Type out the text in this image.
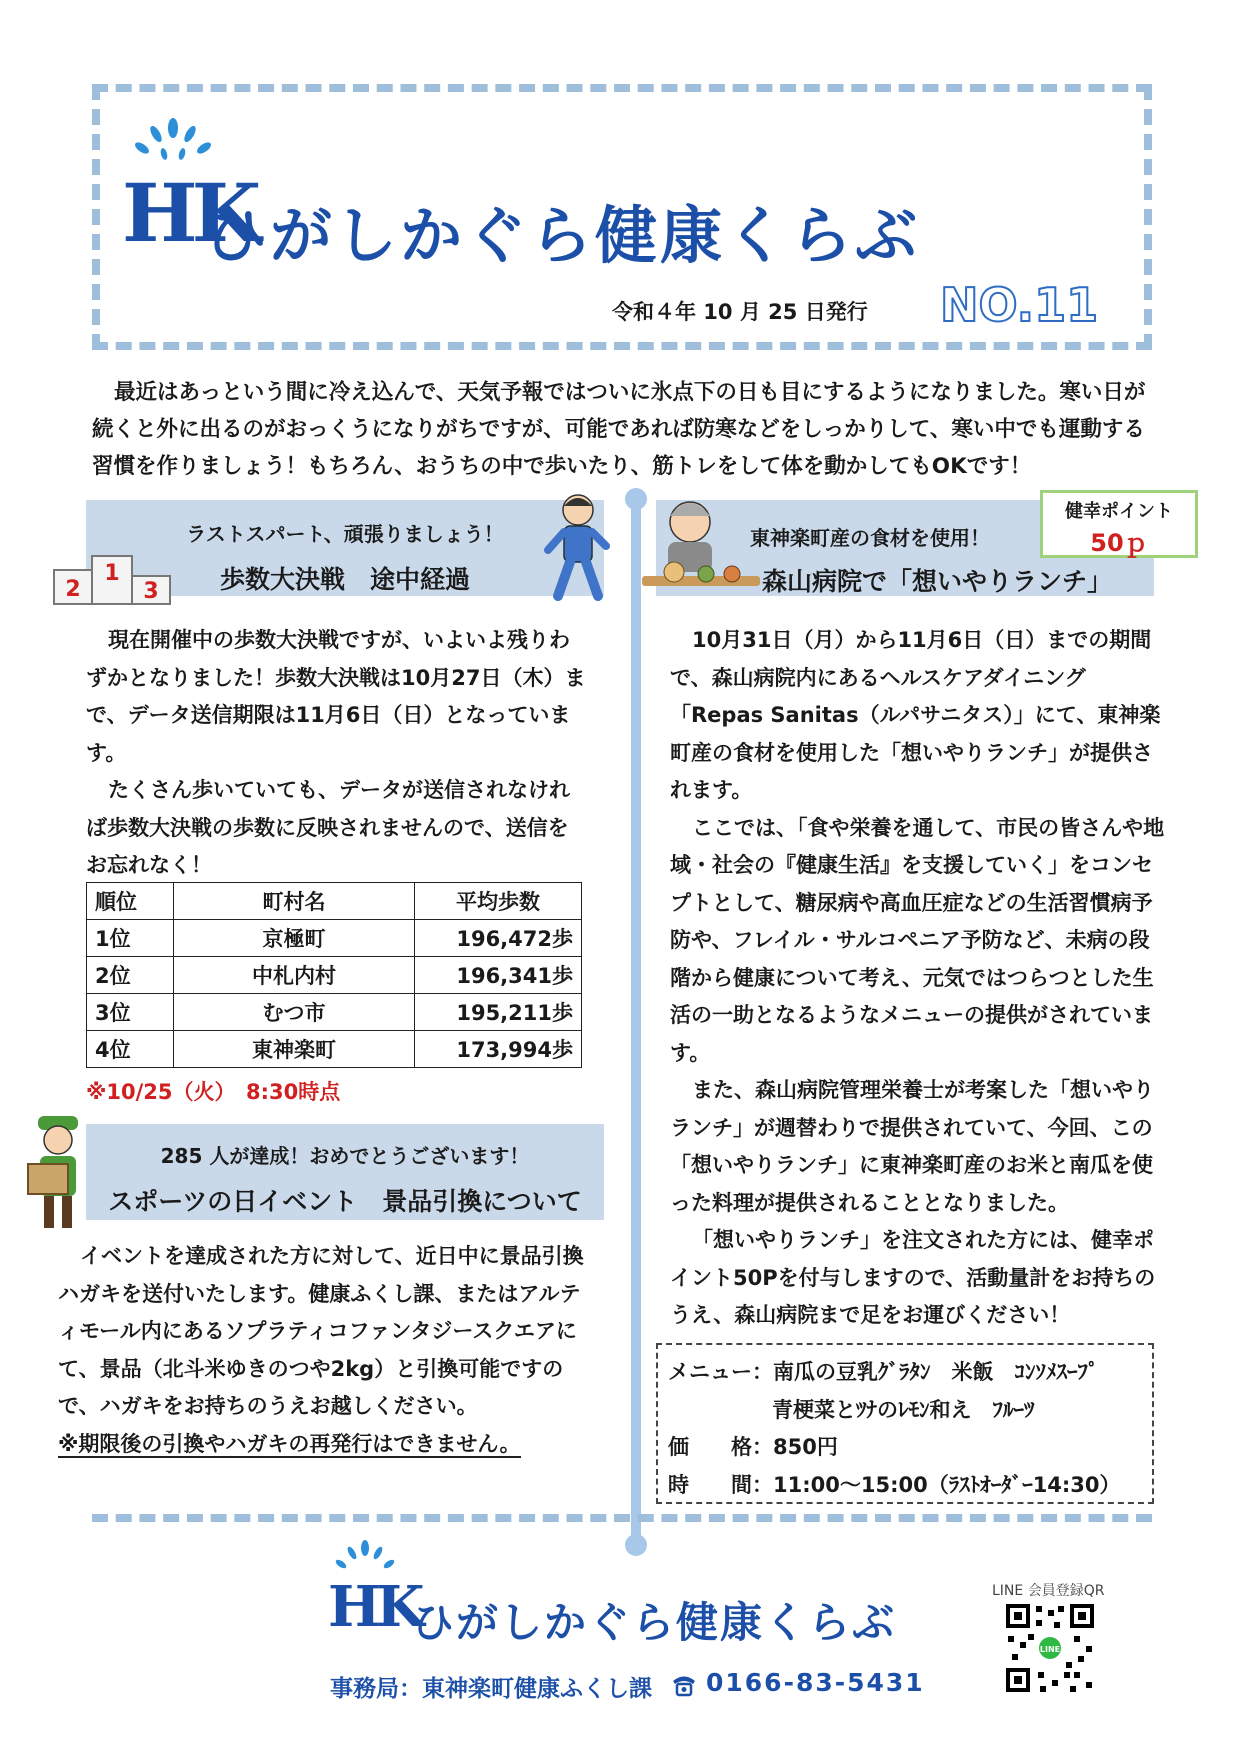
HK
ひがしかぐら健康くらぶ
令和４年 10 月 25 日発行 NO.11

最近はあっという間に冷え込んで、天気予報ではついに氷点下の日も目にするようになりました。寒い日が続くと外に出るのがおっくうになりがちですが、可能であれば防寒などをしっかりして、寒い中でも運動する習慣を作りましょう！もちろん、おうちの中で歩いたり、筋トレをして体を動かしてもOKです！

1
2	3
ラストスパート、頑張りましょう！
歩数大決戦　途中経過

現在開催中の歩数大決戦ですが、いよいよ残りわずかとなりました！歩数大決戦は10月27日（木）まで、データ送信期限は11月6日（日）となっています。

たくさん歩いていても、データが送信されなければ歩数大決戦の歩数に反映されませんので、送信をお忘れなく！

順位	町村名	平均歩数
1位	京極町	196,472歩
2位	中札内村	196,341歩
3位	むつ市	195,211歩
4位	東神楽町	173,994歩
※10/25（火）　8:30時点
285 人が達成！おめでとうございます！
スポーツの日イベント　景品引換について

イベントを達成された方に対して、近日中に景品引換ハガキを送付いたします。健康ふくし課、またはアルティモール内にあるソプラティコファンタジースクエアにて、景品（北斗米ゆきのつや2kg）と引換可能ですので、ハガキをお持ちのうえお越しください。

※期限後の引換やハガキの再発行はできません。
健幸ポイント
50ｐ
東神楽町産の食材を使用！
森山病院で「想いやりランチ」

10月31日（月）から11月6日（日）までの期間で、森山病院内にあるヘルスケアダイニング「Repas Sanitas（ルパサニタス）」にて、東神楽町産の食材を使用した「想いやりランチ」が提供されます。

ここでは、「食や栄養を通して、市民の皆さんや地域・社会の『健康生活』を支援していく」をコンセプトとして、糖尿病や高血圧症などの生活習慣病予防や、フレイル・サルコペニア予防など、未病の段階から健康について考え、元気ではつらつとした生活の一助となるようなメニューの提供がされています。

また、森山病院管理栄養士が考案した「想いやりランチ」が週替わりで提供されていて、今回、この「想いやりランチ」に東神楽町産のお米と南瓜を使った料理が提供されることとなりました。

「想いやりランチ」を注文された方には、健幸ポイント50Pを付与しますので、活動量計をお持ちのうえ、森山病院まで足をお運びください！

メニュー：南瓜の豆乳ｸﾞﾗﾀﾝ　米飯　ｺﾝｿﾒｽｰﾌﾟ
青梗菜とﾂﾅのﾚﾓﾝ和え　ﾌﾙｰﾂ
価　　格：850円
時　　間：11:00～15:00（ﾗｽﾄｵｰﾀﾞｰ14:30）
HK
ひがしかぐら健康くらぶ
LINE 会員登録QR
LINE
事務局：東神楽町健康ふくし課 0166-83-5431
